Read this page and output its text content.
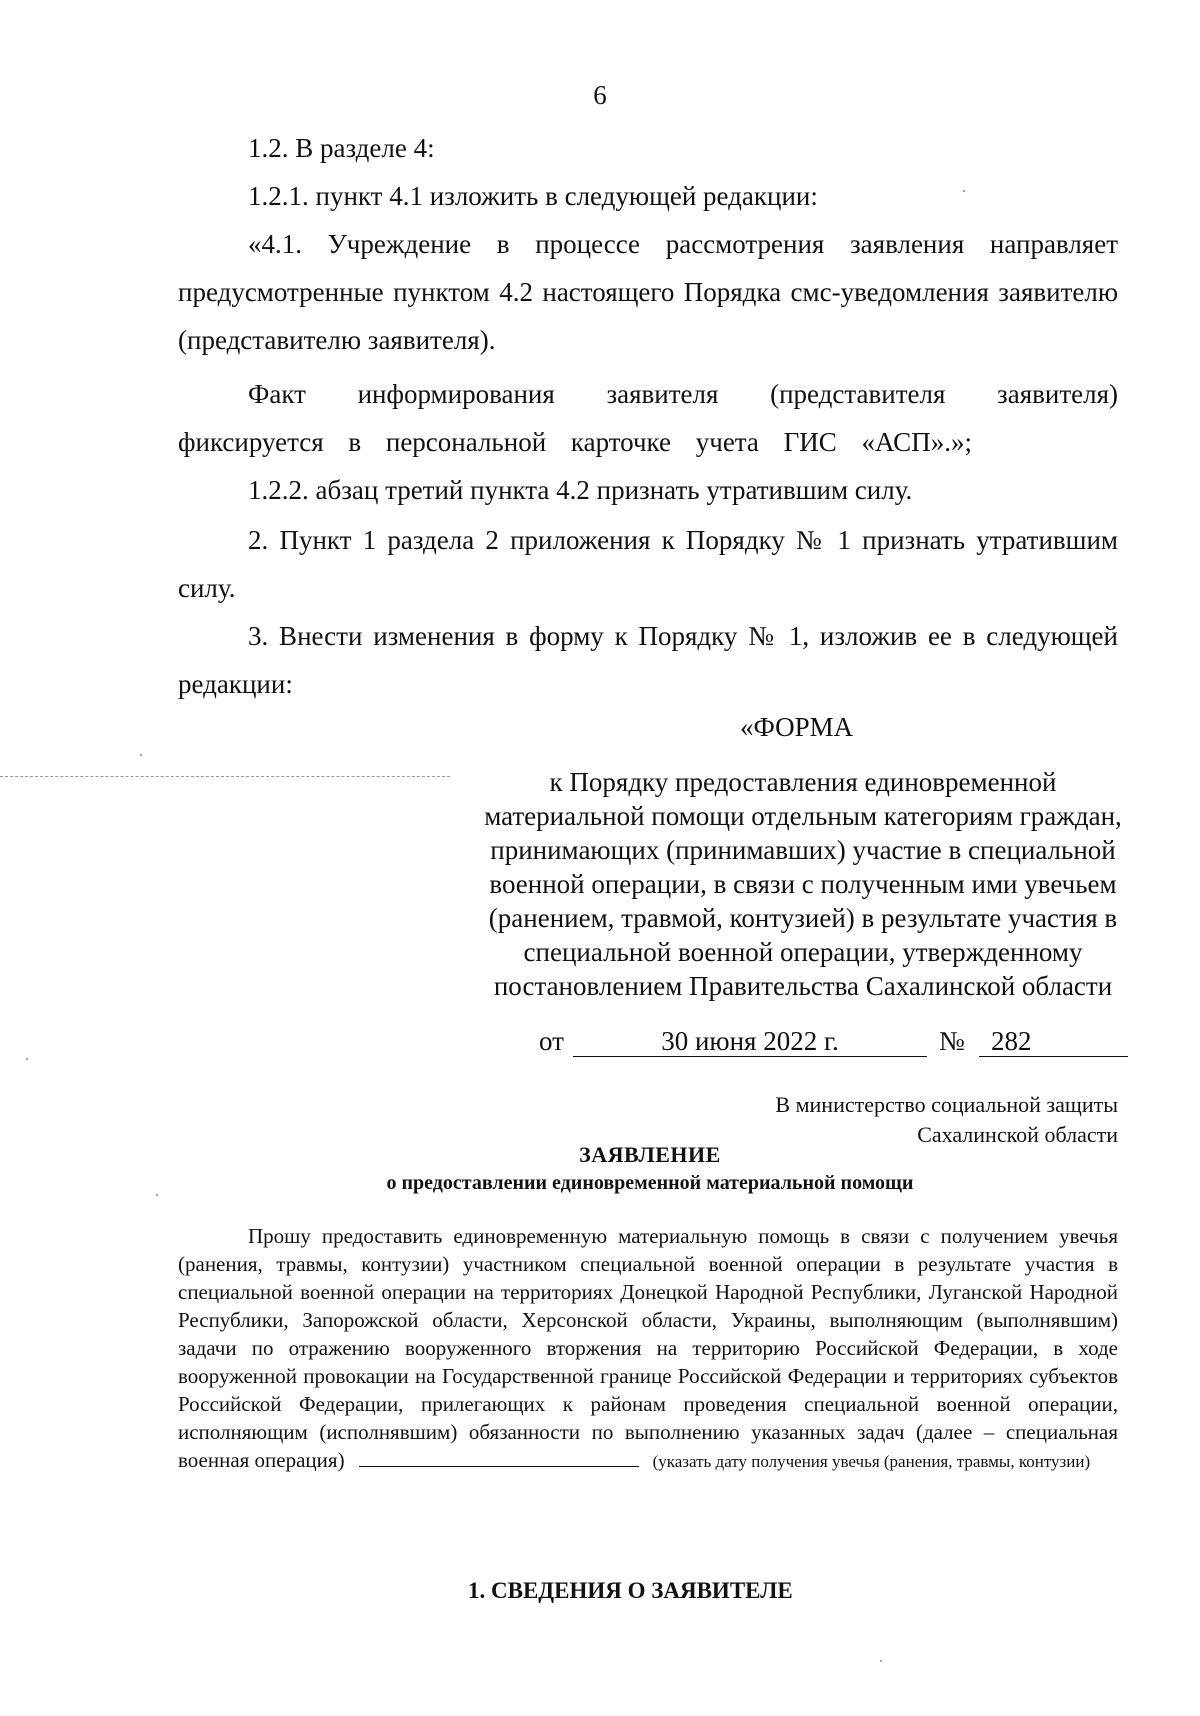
6

1.2. В разделе 4:

1.2.1. пункт 4.1 изложить в следующей редакции:

«4.1. Учреждение в процессе рассмотрения заявления направляет предусмотренные пунктом 4.2 настоящего Порядка смс-уведомления заявителю (представителю заявителя).

Факт информирования заявителя (представителя заявителя) фиксируется в персональной карточке учета ГИС «АСП».»;

1.2.2. абзац третий пункта 4.2 признать утратившим силу.

2. Пункт 1 раздела 2 приложения к Порядку № 1 признать утратившим силу.

3. Внести изменения в форму к Порядку № 1, изложив ее в следующей редакции:

«ФОРМА
к Порядку предоставления единовременной материальной помощи отдельным категориям граждан, принимающих (принимавших) участие в специальной военной операции, в связи с полученным ими увечьем (ранением, травмой, контузией) в результате участия в специальной военной операции, утвержденному постановлением Правительства Сахалинской области
от	30 июня 2022 г.	№ 282
В министерство социальной защиты
Сахалинской области
ЗАЯВЛЕНИЕ
о предоставлении единовременной материальной помощи
Прошу предоставить единовременную материальную помощь в связи с получением увечья (ранения, травмы, контузии) участником специальной военной операции в результате участия в специальной военной операции на территориях Донецкой Народной Республики, Луганской Народной Республики, Запорожской области, Херсонской области, Украины, выполняющим (выполнявшим) задачи по отражению вооруженного вторжения на территорию Российской Федерации, в ходе вооруженной провокации на Государственной границе Российской Федерации и территориях субъектов Российской Федерации, прилегающих к районам проведения специальной военной операции, исполняющим (исполнявшим) обязанности по выполнению указанных задач (далее – специальная военная операция)	(указать дату получения увечья (ранения, травмы, контузии)
1. СВЕДЕНИЯ О ЗАЯВИТЕЛЕ
